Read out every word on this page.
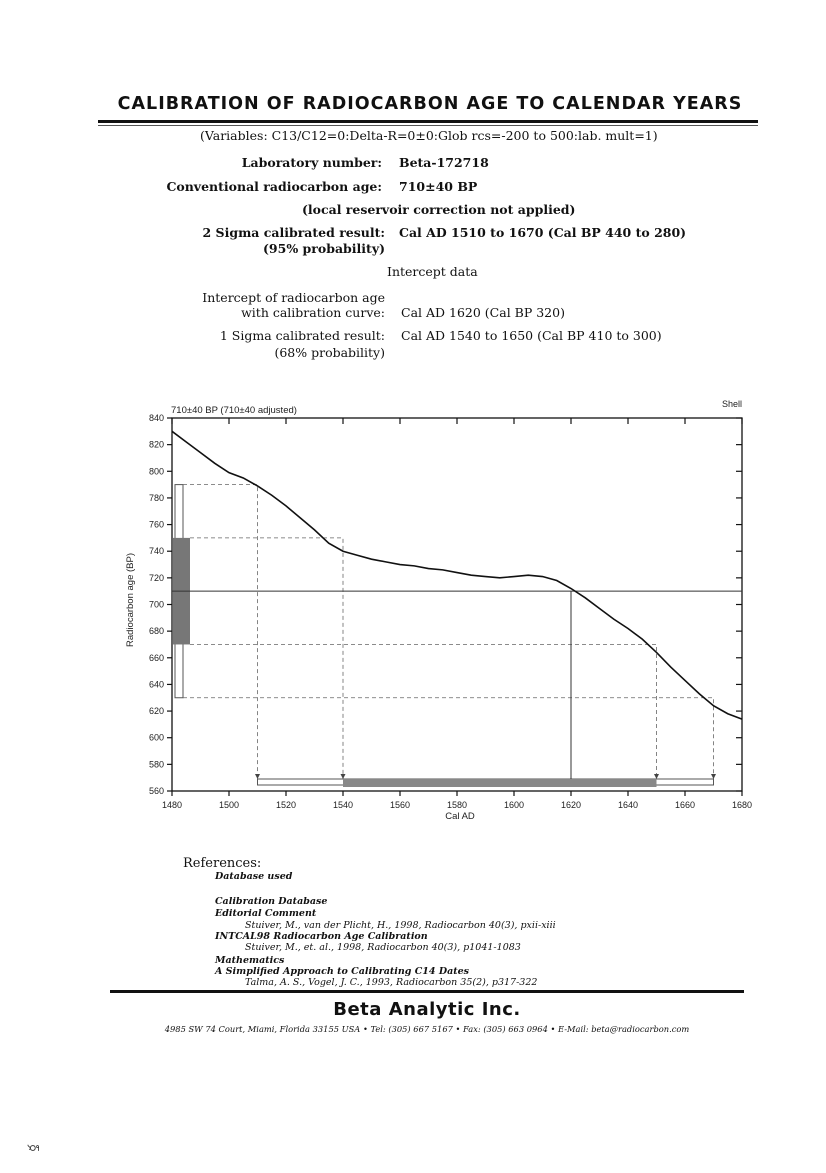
CALIBRATION OF RADIOCARBON AGE TO CALENDAR YEARS
(Variables: C13/C12=0:Delta-R=0±0:Glob rcs=-200 to 500:lab. mult=1)
Laboratory number: Beta-172718
Conventional radiocarbon age: 710±40 BP
(local reservoir correction not applied)
2 Sigma calibrated result:
(95% probability)
Cal AD 1510 to 1670 (Cal BP 440 to 280)
Intercept data
Intercept of radiocarbon age
with calibration curve: Cal AD 1620 (Cal BP 320)
1 Sigma calibrated result:
(68% probability)
Cal AD 1540 to 1650 (Cal BP 410 to 300)
710±40 BP (710±40 adjusted)
Shell
Cal AD
Radiocarbon age (BP)
560
580
600
620
640
660
680
700
720
740
760
780
800
820
840
1480	1500	1520	1540	1560	1580	1600	1620	1640	1660	1680
References:
Database used
Calibration Database
Editorial Comment
Stuiver, M., van der Plicht, H., 1998, Radiocarbon 40(3), pxii-xiii
INTCAL98 Radiocarbon Age Calibration
Stuiver, M., et. al., 1998, Radiocarbon 40(3), p1041-1083
Mathematics
A Simplified Approach to Calibrating C14 Dates
Talma, A. S., Vogel, J. C., 1993, Radiocarbon 35(2), p317-322
Beta Analytic Inc.
4985 SW 74 Court, Miami, Florida 33155 USA • Tel: (305) 667 5167 • Fax: (305) 663 0964 • E-Mail: beta@radiocarbon.com
ర్త
